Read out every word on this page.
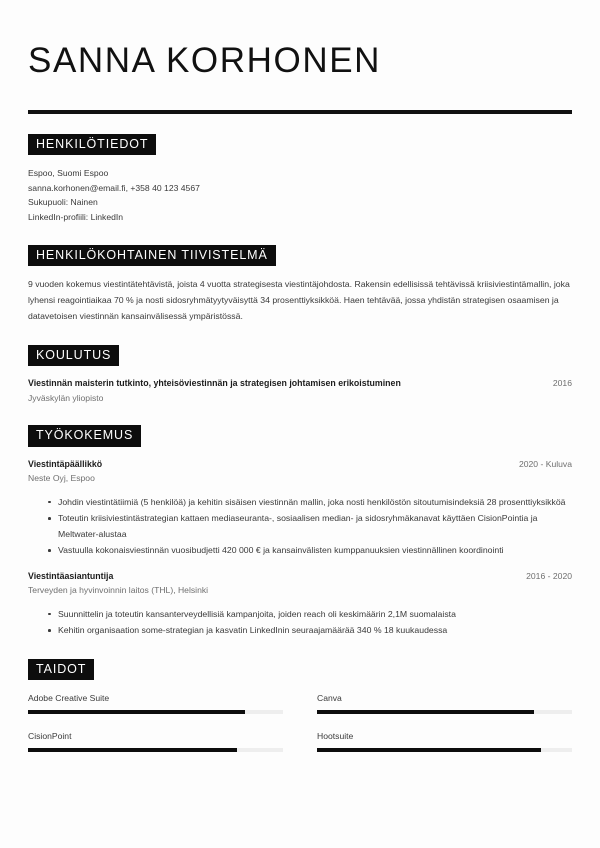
SANNA KORHONEN
HENKILÖTIEDOT
Espoo, Suomi Espoo
sanna.korhonen@email.fi, +358 40 123 4567
Sukupuoli: Nainen
LinkedIn-profiili: LinkedIn
HENKILÖKOHTAINEN TIIVISTELMÄ

9 vuoden kokemus viestintätehtävistä, joista 4 vuotta strategisesta viestintäjohdosta. Rakensin edellisissä tehtävissä kriisiviestintämallin, joka lyhensi reagointiaikaa 70 % ja nosti sidosryhmätyytyväisyttä 34 prosenttiyksikköä. Haen tehtävää, jossa yhdistän strategisen osaamisen ja datavetoisen viestinnän kansainvälisessä ympäristössä.

KOULUTUS
Viestinnän maisterin tutkinto, yhteisöviestinnän ja strategisen johtamisen erikoistuminen	2016
Jyväskylän yliopisto
TYÖKOKEMUS
Viestintäpäällikkö	2020 - Kuluva
Neste Oyj, Espoo
Johdin viestintätiimiä (5 henkilöä) ja kehitin sisäisen viestinnän mallin, joka nosti henkilöstön sitoutumisindeksiä 28 prosenttiyksikköä
Toteutin kriisiviestintästrategian kattaen mediaseuranta-, sosiaalisen median- ja sidosryhmäkanavat käyttäen CisionPointia ja Meltwater-alustaa
Vastuulla kokonaisviestinnän vuosibudjetti 420 000 € ja kansainvälisten kumppanuuksien viestinnällinen koordinointi
Viestintäasiantuntija	2016 - 2020
Terveyden ja hyvinvoinnin laitos (THL), Helsinki
Suunnittelin ja toteutin kansanterveydellisiä kampanjoita, joiden reach oli keskimäärin 2,1M suomalaista
Kehitin organisaation some-strategian ja kasvatin LinkedInin seuraajamäärää 340 % 18 kuukaudessa
TAIDOT
Adobe Creative Suite	Canva
CisionPoint	Hootsuite
